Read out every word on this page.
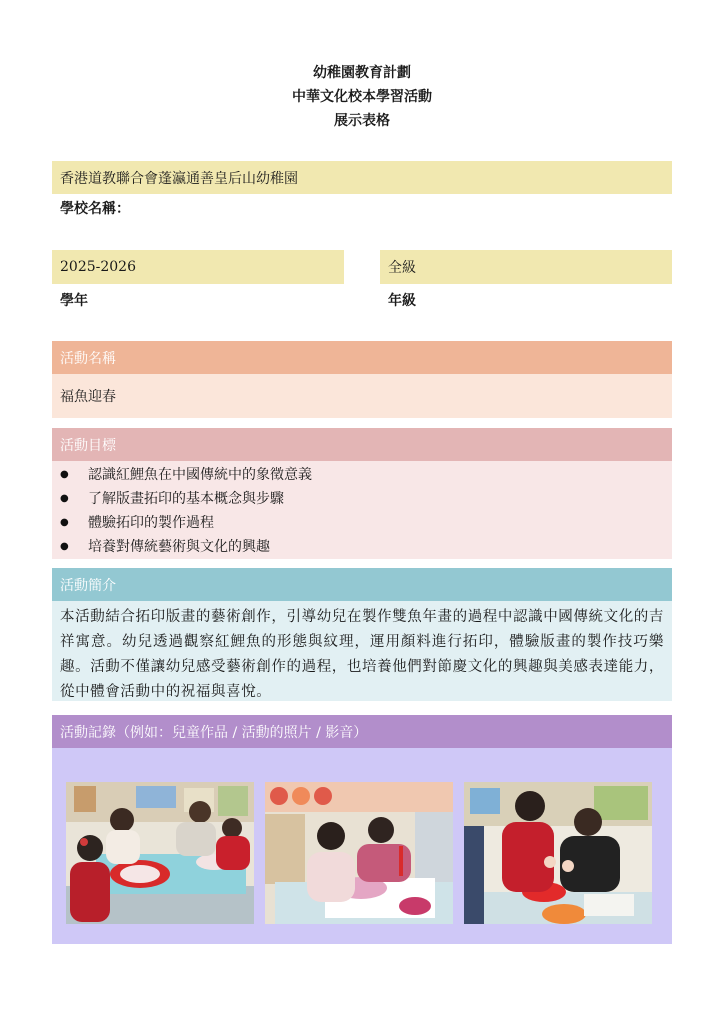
幼稚園教育計劃
中華文化校本學習活動
展示表格
香港道教聯合會蓬瀛通善皇后山幼稚園
學校名稱：
2025-2026
學年
全級
年級
活動名稱
福魚迎春
活動目標
● 認識紅鯉魚在中國傳統中的象徵意義
● 了解版畫拓印的基本概念與步驟
● 體驗拓印的製作過程
● 培養對傳統藝術與文化的興趣
活動簡介

本活動結合拓印版畫的藝術創作，引導幼兒在製作雙魚年畫的過程中認識中國傳統文化的吉祥寓意。幼兒透過觀察紅鯉魚的形態與紋理，運用顏料進行拓印，體驗版畫的製作技巧樂趣。活動不僅讓幼兒感受藝術創作的過程，也培養他們對節慶文化的興趣與美感表達能力，從中體會活動中的祝福與喜悅。

活動記錄（例如：兒童作品 / 活動的照片 / 影音）
